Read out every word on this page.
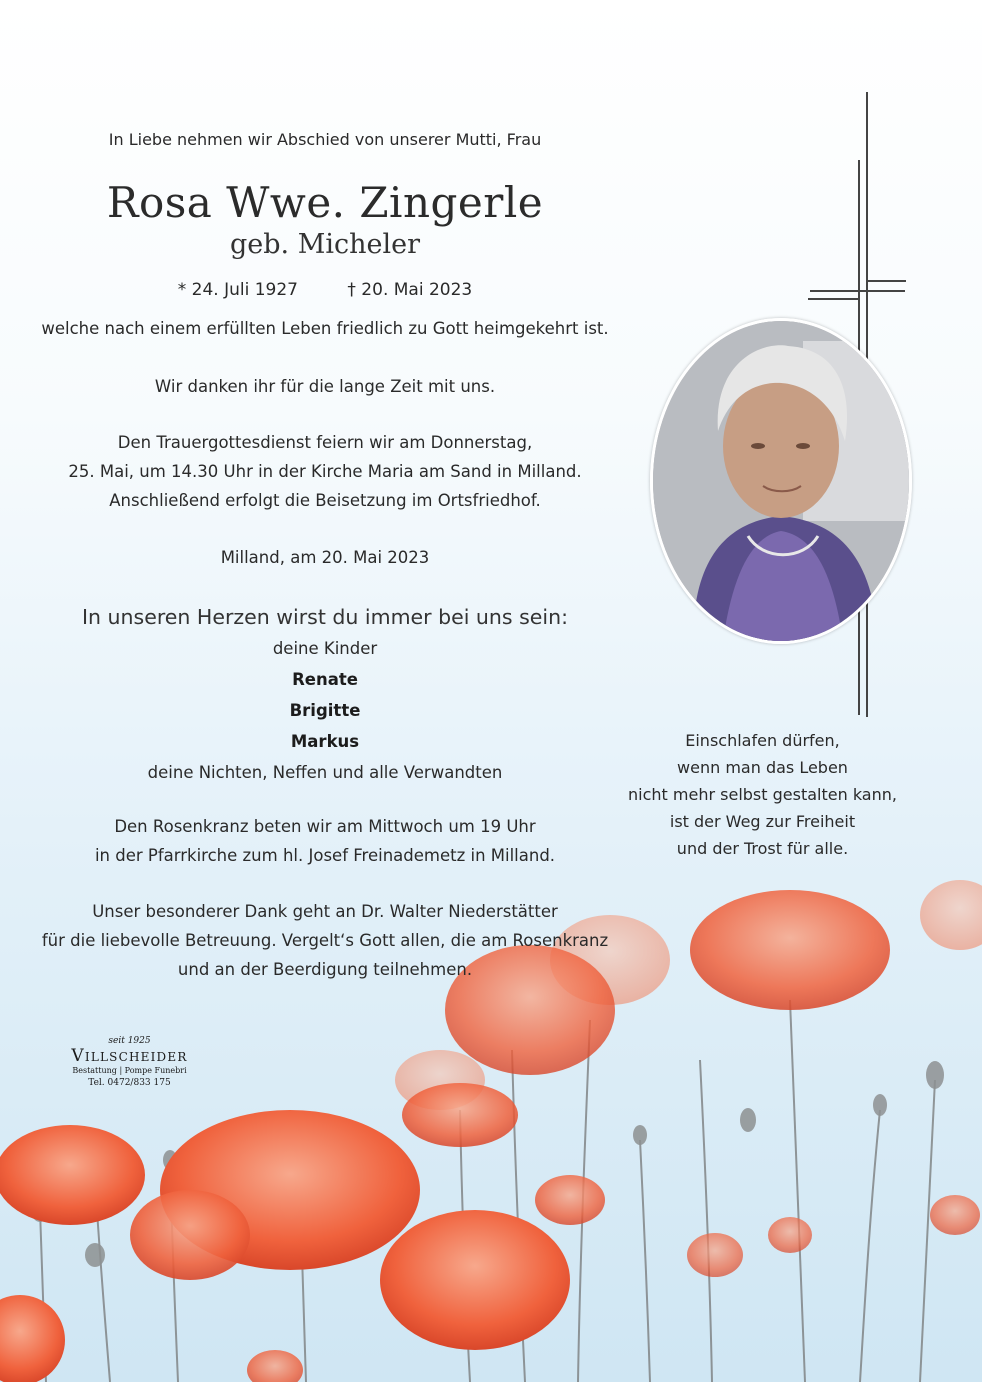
In Liebe nehmen wir Abschied von unserer Mutti, Frau
Rosa Wwe. Zingerle
geb. Micheler
* 24. Juli 1927	† 20. Mai 2023
welche nach einem erfüllten Leben friedlich zu Gott heimgekehrt ist.
Wir danken ihr für die lange Zeit mit uns.
Den Trauergottesdienst feiern wir am Donnerstag,
25. Mai, um 14.30 Uhr in der Kirche Maria am Sand in Milland.
Anschließend erfolgt die Beisetzung im Ortsfriedhof.
Milland, am 20. Mai 2023
In unseren Herzen wirst du immer bei uns sein:
deine Kinder
Renate
Brigitte
Markus
deine Nichten, Neffen und alle Verwandten
Den Rosenkranz beten wir am Mittwoch um 19 Uhr
in der Pfarrkirche zum hl. Josef Freinademetz in Milland.
Unser besonderer Dank geht an Dr. Walter Niederstätter
für die liebevolle Betreuung. Vergelt‘s Gott allen, die am Rosenkranz
und an der Beerdigung teilnehmen.
Einschlafen dürfen,
wenn man das Leben
nicht mehr selbst gestalten kann,
ist der Weg zur Freiheit
und der Trost für alle.
seit 1925
Villscheider
Bestattung | Pompe Funebri
Tel. 0472/833 175
